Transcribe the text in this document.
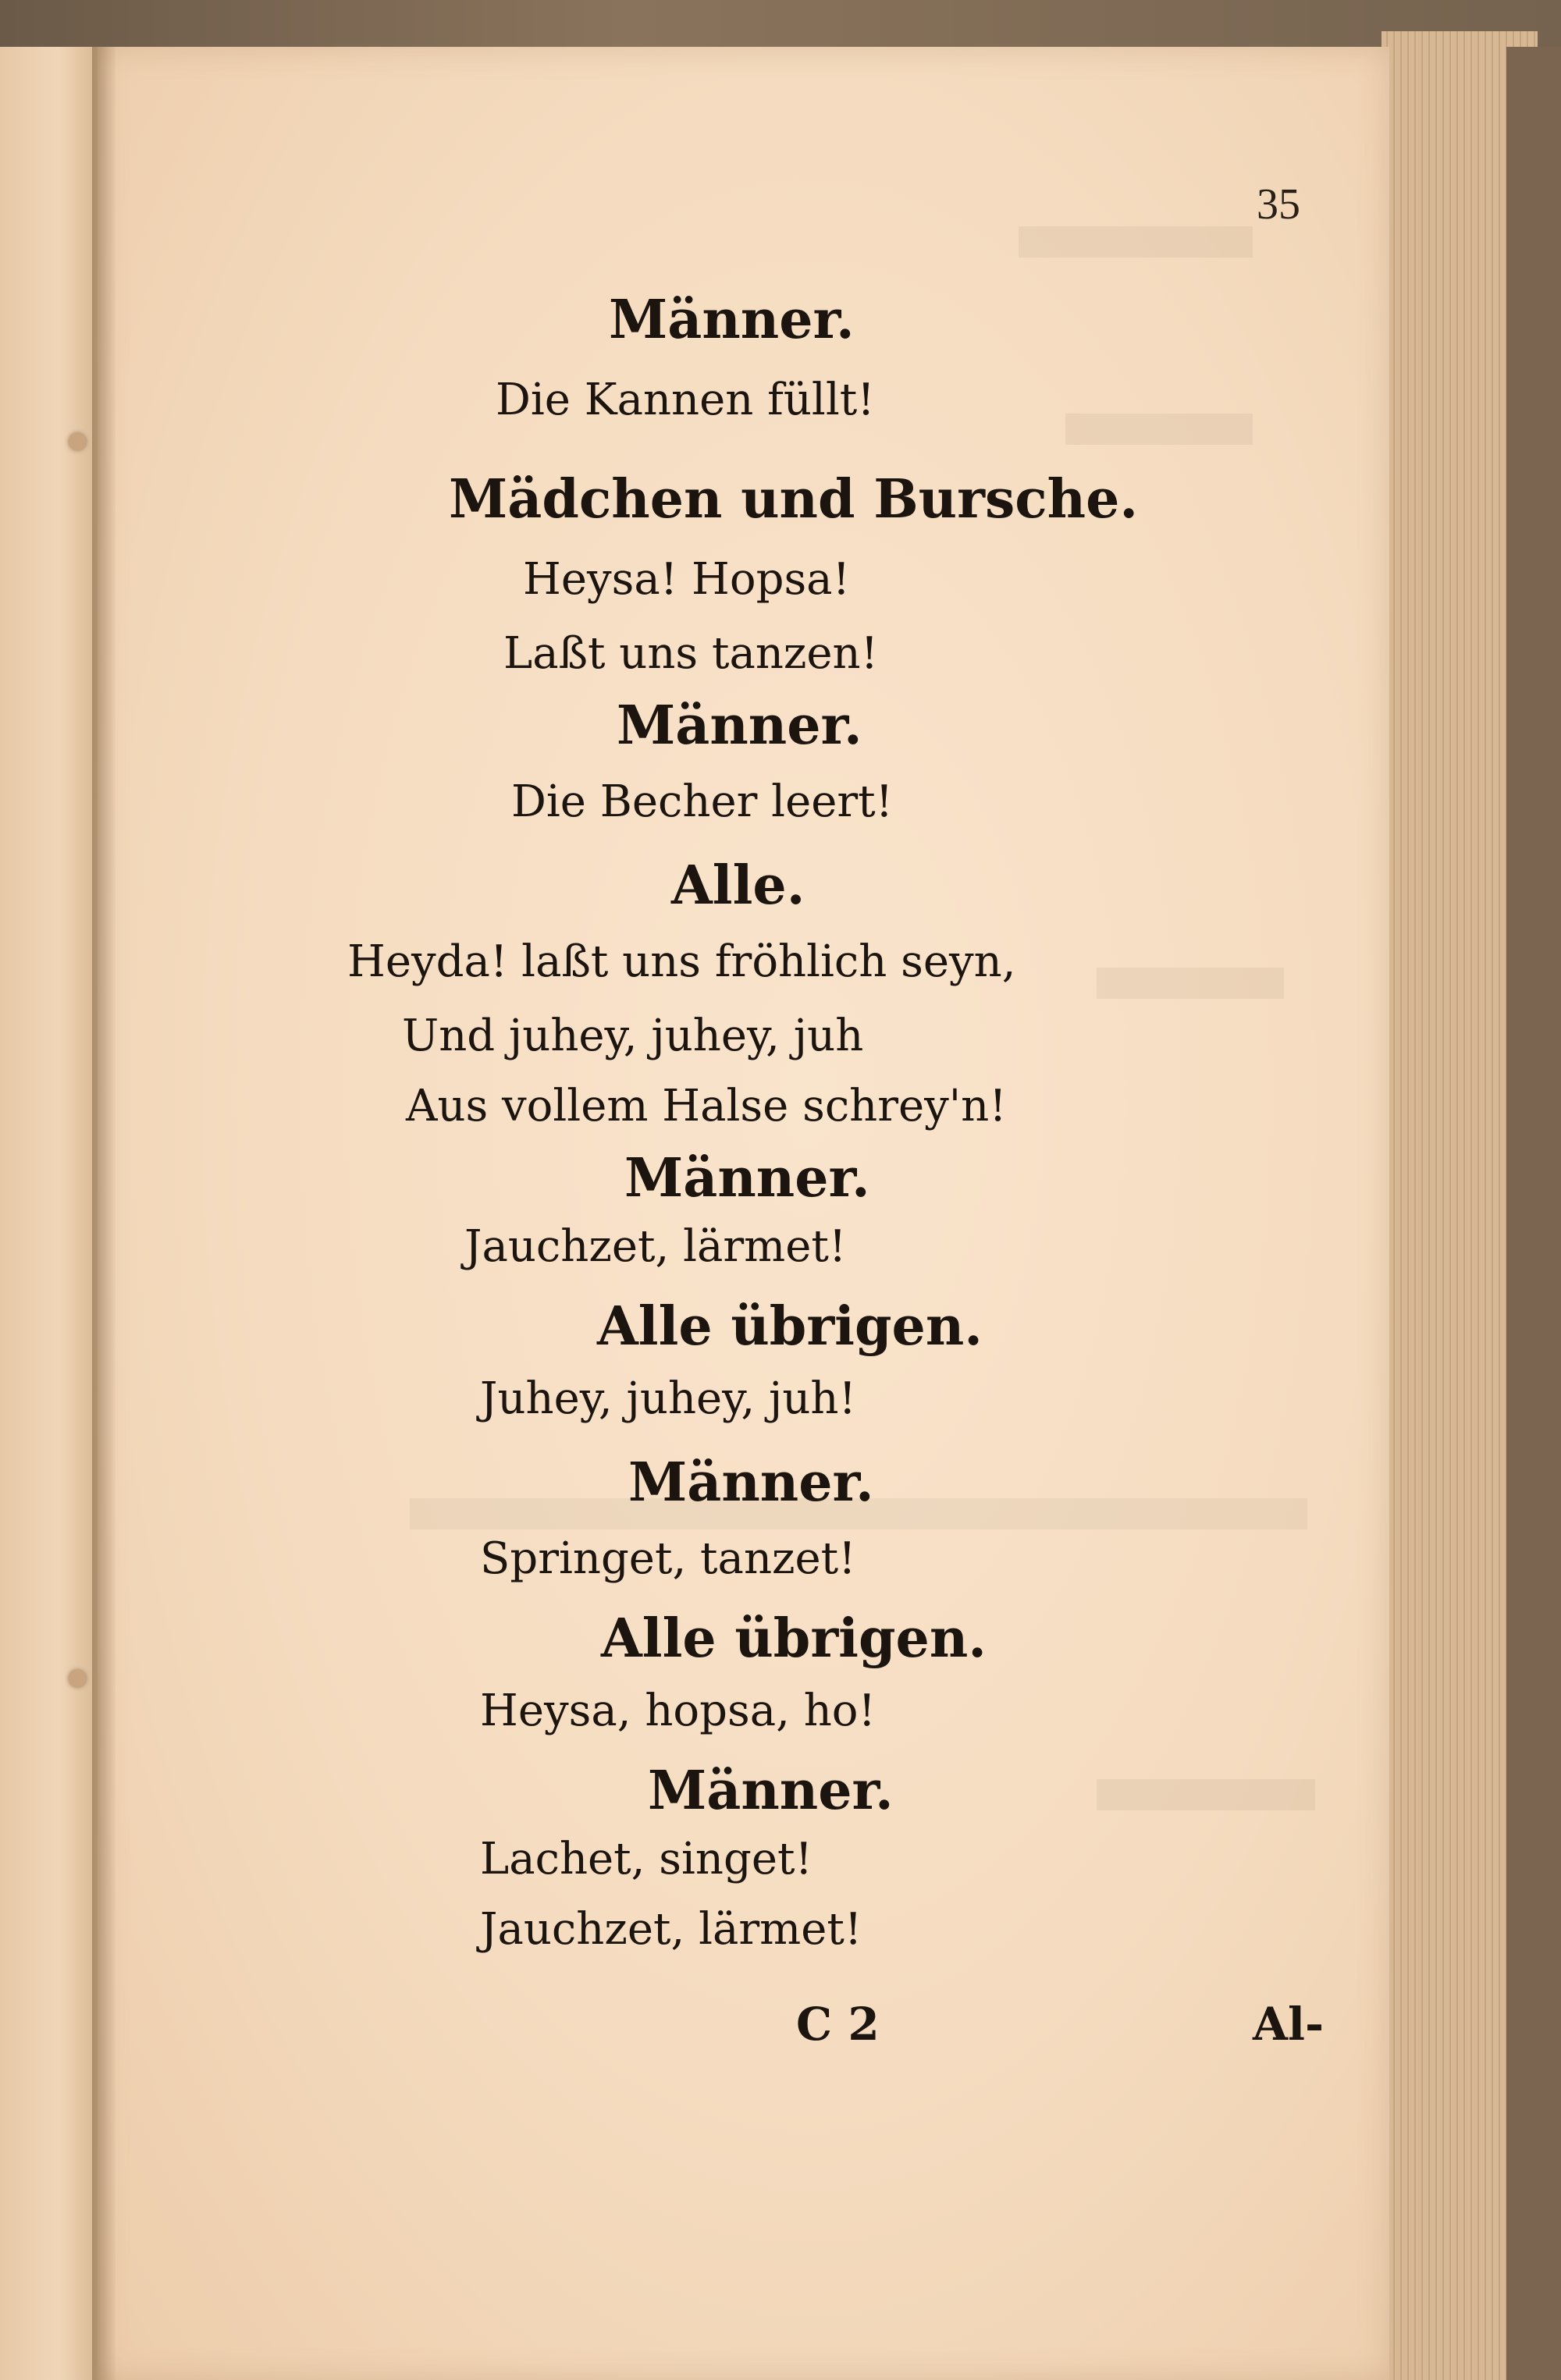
35
Männer.
Die Kannen füllt!
Mädchen und Bursche.
Heysa! Hopsa!
Laßt uns tanzen!
Männer.
Die Becher leert!
Alle.
Heyda! laßt uns fröhlich seyn,
Und juhey, juhey, juh
Aus vollem Halse schrey'n!
Männer.
Jauchzet, lärmet!
Alle übrigen.
Juhey, juhey, juh!
Männer.
Springet, tanzet!
Alle übrigen.
Heysa, hopsa, ho!
Männer.
Lachet, singet!
Jauchzet, lärmet!
C 2	Al-
